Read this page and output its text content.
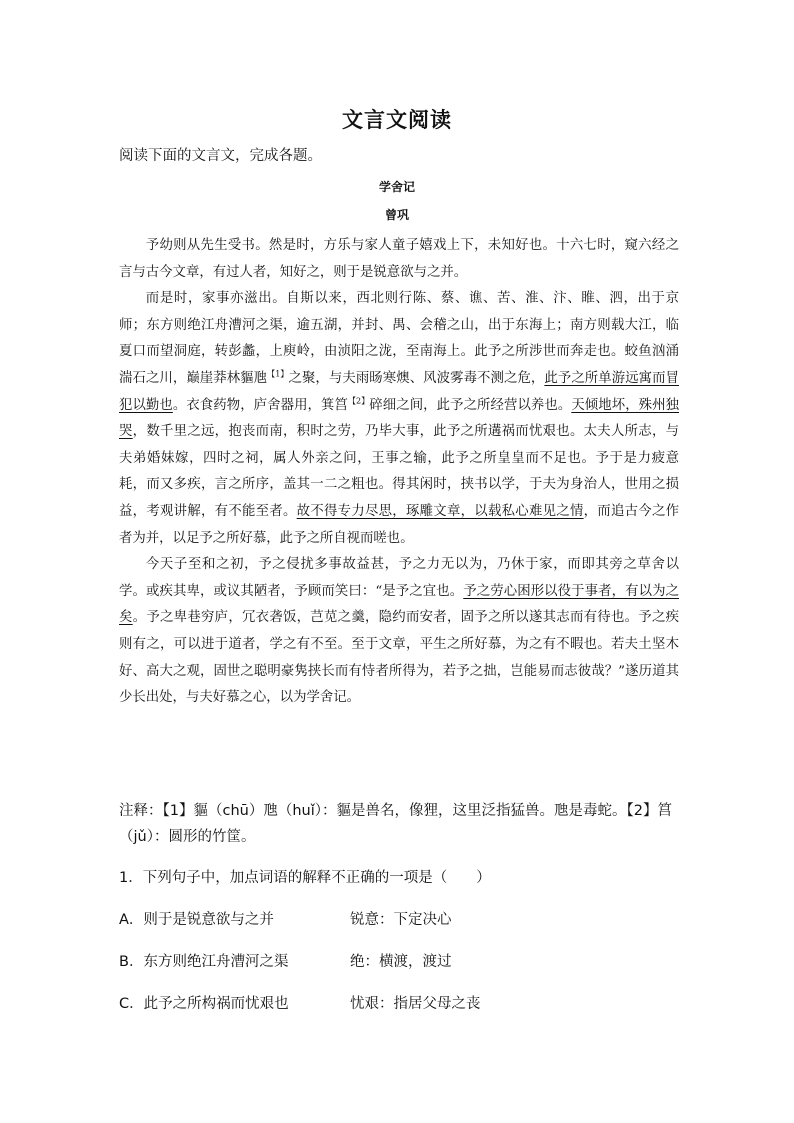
文言文阅读
阅读下面的文言文，完成各题。
学舍记
曾巩

予幼则从先生受书。然是时，方乐与家人童子嬉戏上下，未知好也。十六七时，窥六经之言与古今文章，有过人者，知好之，则于是锐意欲与之并。

而是时，家事亦滋出。自斯以来，西北则行陈、蔡、谯、苦、淮、汴、睢、泗，出于京师；东方则绝江舟漕河之渠，逾五湖，并封、禺、会稽之山，出于东海上；南方则载大江，临夏口而望洞庭，转彭蠡，上庾岭，由浈阳之泷，至南海上。此予之所涉世而奔走也。蛟鱼汹涌湍石之川，巅崖莽林貙虺$^{【1】}$之聚，与夫雨旸寒燠、风波雾毒不测之危，此予之所单游远寓而冒犯以勤也。衣食药物，庐舍器用，箕筥$^{【2】}$碎细之间，此予之所经营以养也。天倾地坏，殊州独哭，数千里之远，抱丧而南，积时之劳，乃毕大事，此予之所遘祸而忧艰也。太夫人所志，与夫弟婚妹嫁，四时之祠，属人外亲之问，王事之输，此予之所皇皇而不足也。予于是力疲意耗，而又多疾，言之所序，盖其一二之粗也。得其闲时，挟书以学，于夫为身治人，世用之损益，考观讲解，有不能至者。故不得专力尽思，琢雕文章，以载私心难见之情，而追古今之作者为并，以足予之所好慕，此予之所自视而嗟也。

今天子至和之初，予之侵扰多事故益甚，予之力无以为，乃休于家，而即其旁之草舍以学。或疾其卑，或议其陋者，予顾而笑曰：“是予之宜也。予之劳心困形以役于事者，有以为之矣。予之卑巷穷庐，冗衣砻饭，芑苋之羹，隐约而安者，固予之所以遂其志而有待也。予之疾则有之，可以进于道者，学之有不至。至于文章，平生之所好慕，为之有不暇也。若夫土坚木好、高大之观，固世之聪明豪隽挟长而有恃者所得为，若予之拙，岂能易而志彼哉？”遂历道其少长出处，与夫好慕之心，以为学舍记。

注释：【1】貙（chū）虺（huǐ）：貙是兽名，像狸，这里泛指猛兽。虺是毒蛇。【2】筥（jǔ）：圆形的竹筐。
1．下列句子中，加点词语的解释不正确的一项是（　　）
A．则于是锐意欲与之并	锐意：下定决心
B．东方则绝江舟漕河之渠	绝：横渡，渡过
C．此予之所构祸而忧艰也	忧艰：指居父母之丧
